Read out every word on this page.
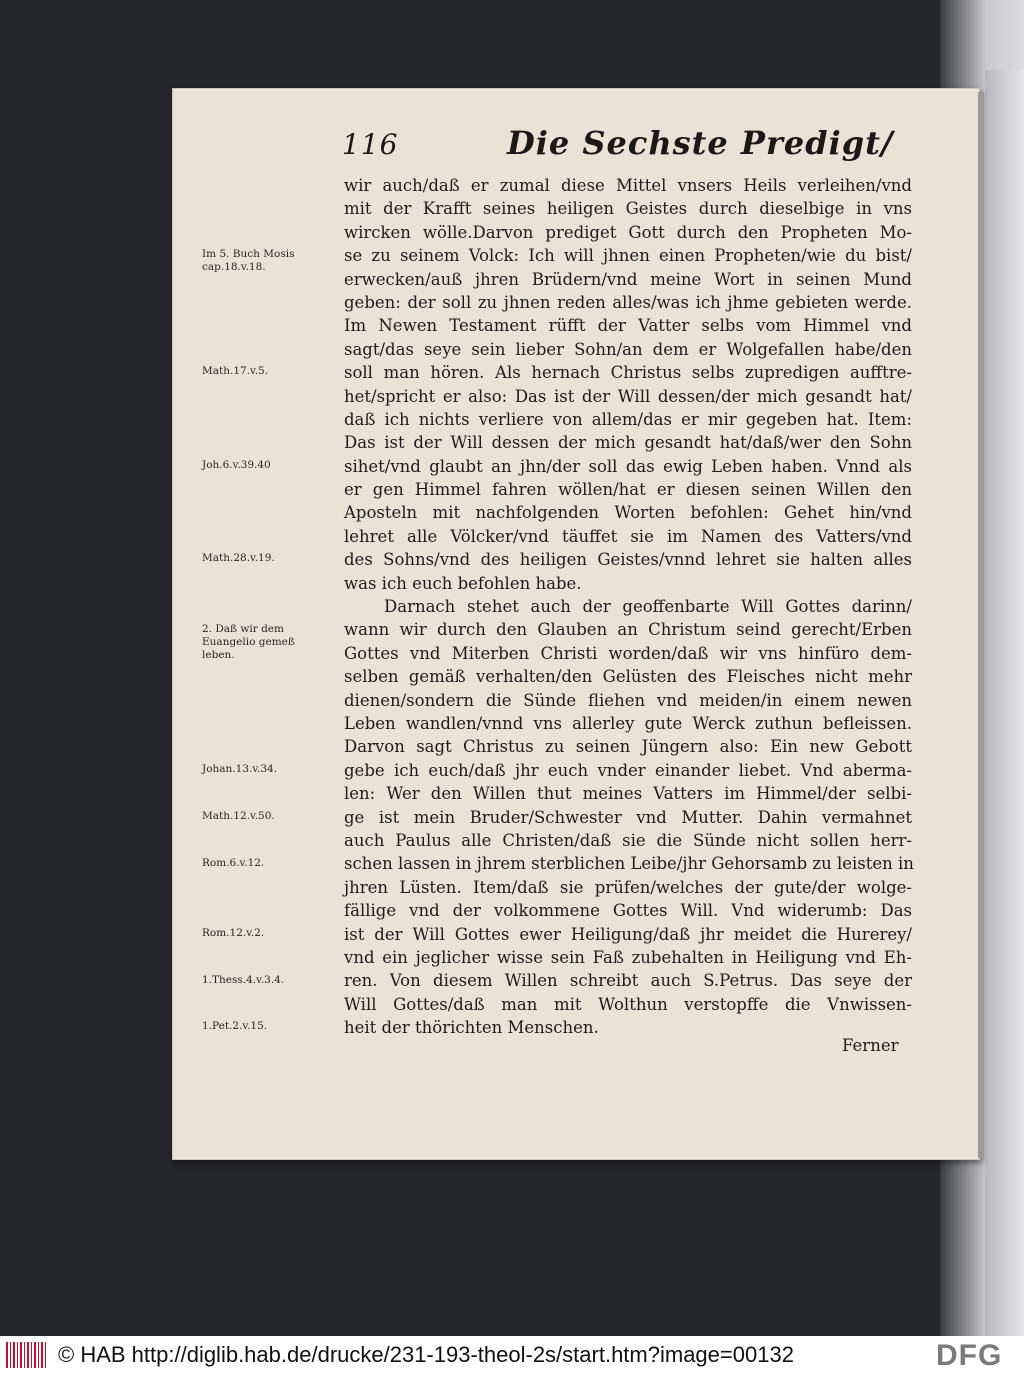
116	Die Sechste Predigt/
Im 5. Buch Mosis cap.18.v.18.
Math.17.v.5.
Joh.6.v.39.40
Math.28.v.19.
2. Daß wir dem Euangelio gemeß leben.
Johan.13.v.34.
Math.12.v.50.
Rom.6.v.12.
Rom.12.v.2.
1.Thess.4.v.3.4.
1.Pet.2.v.15.
wir auch/daß er zumal diese Mittel vnsers Heils verleihen/vnd
mit der Krafft seines heiligen Geistes durch dieselbige in vns
wircken wölle.Darvon prediget Gott durch den Propheten Mo-
se zu seinem Volck: Ich will jhnen einen Propheten/wie du bist/
erwecken/auß jhren Brüdern/vnd meine Wort in seinen Mund
geben: der soll zu jhnen reden alles/was ich jhme gebieten werde.
Im Newen Testament rüfft der Vatter selbs vom Himmel vnd
sagt/das seye sein lieber Sohn/an dem er Wolgefallen habe/den
soll man hören. Als hernach Christus selbs zupredigen aufftre-
het/spricht er also: Das ist der Will dessen/der mich gesandt hat/
daß ich nichts verliere von allem/das er mir gegeben hat. Item:
Das ist der Will dessen der mich gesandt hat/daß/wer den Sohn
sihet/vnd glaubt an jhn/der soll das ewig Leben haben. Vnnd als
er gen Himmel fahren wöllen/hat er diesen seinen Willen den
Aposteln mit nachfolgenden Worten befohlen: Gehet hin/vnd
lehret alle Völcker/vnd täuffet sie im Namen des Vatters/vnd
des Sohns/vnd des heiligen Geistes/vnnd lehret sie halten alles
was ich euch befohlen habe.
Darnach stehet auch der geoffenbarte Will Gottes darinn/
wann wir durch den Glauben an Christum seind gerecht/Erben
Gottes vnd Miterben Christi worden/daß wir vns hinfüro dem-
selben gemäß verhalten/den Gelüsten des Fleisches nicht mehr
dienen/sondern die Sünde fliehen vnd meiden/in einem newen
Leben wandlen/vnnd vns allerley gute Werck zuthun befleissen.
Darvon sagt Christus zu seinen Jüngern also: Ein new Gebott
gebe ich euch/daß jhr euch vnder einander liebet. Vnd aberma-
len: Wer den Willen thut meines Vatters im Himmel/der selbi-
ge ist mein Bruder/Schwester vnd Mutter. Dahin vermahnet
auch Paulus alle Christen/daß sie die Sünde nicht sollen herr-
schen lassen in jhrem sterblichen Leibe/jhr Gehorsamb zu leisten in
jhren Lüsten. Item/daß sie prüfen/welches der gute/der wolge-
fällige vnd der volkommene Gottes Will. Vnd widerumb: Das
ist der Will Gottes ewer Heiligung/daß jhr meidet die Hurerey/
vnd ein jeglicher wisse sein Faß zubehalten in Heiligung vnd Eh-
ren. Von diesem Willen schreibt auch S.Petrus. Das seye der
Will Gottes/daß man mit Wolthun verstopffe die Vnwissen-
heit der thörichten Menschen.
Ferner
© HAB http://diglib.hab.de/drucke/231-193-theol-2s/start.htm?image=00132	DFG
